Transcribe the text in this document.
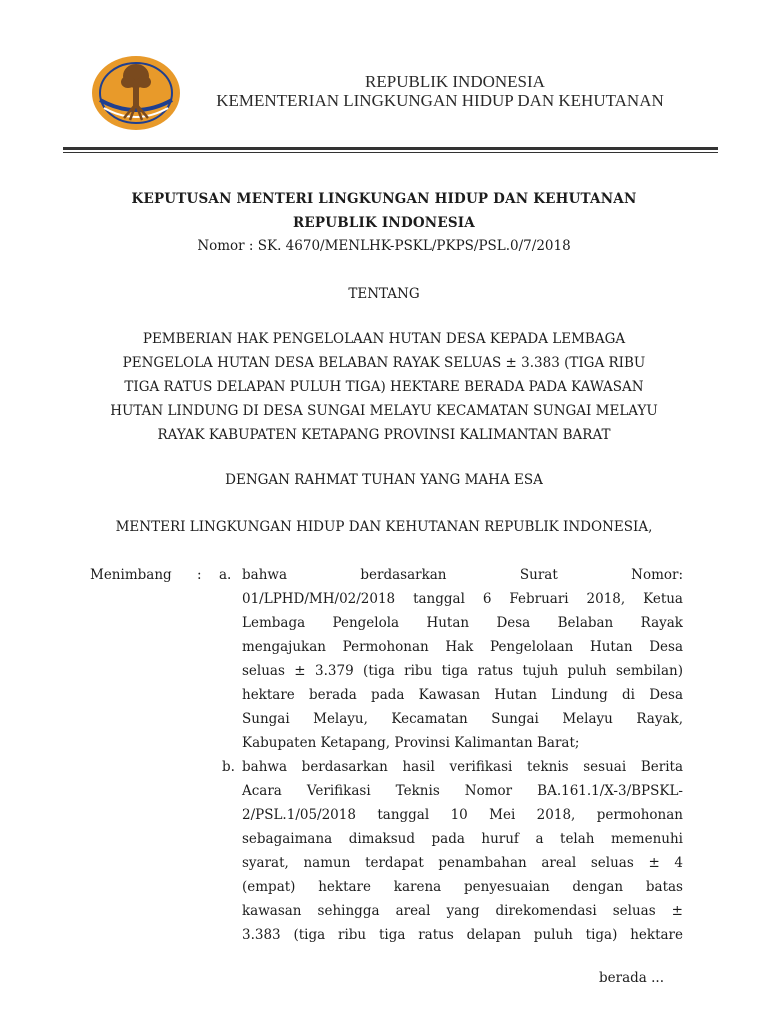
REPUBLIK INDONESIA
KEMENTERIAN LINGKUNGAN HIDUP DAN KEHUTANAN
KEPUTUSAN MENTERI LINGKUNGAN HIDUP DAN KEHUTANAN
REPUBLIK INDONESIA
Nomor : SK. 4670/MENLHK-PSKL/PKPS/PSL.0/7/2018
TENTANG
PEMBERIAN HAK PENGELOLAAN HUTAN DESA KEPADA LEMBAGA
PENGELOLA HUTAN DESA BELABAN RAYAK SELUAS ± 3.383 (TIGA RIBU
TIGA RATUS DELAPAN PULUH TIGA) HEKTARE BERADA PADA KAWASAN
HUTAN LINDUNG DI DESA SUNGAI MELAYU KECAMATAN SUNGAI MELAYU
RAYAK KABUPATEN KETAPANG PROVINSI KALIMANTAN BARAT
DENGAN RAHMAT TUHAN YANG MAHA ESA
MENTERI LINGKUNGAN HIDUP DAN KEHUTANAN REPUBLIK INDONESIA,
Menimbang : a. bahwa berdasarkan Surat Nomor:
01/LPHD/MH/02/2018 tanggal 6 Februari 2018, Ketua
Lembaga Pengelola Hutan Desa Belaban Rayak
mengajukan Permohonan Hak Pengelolaan Hutan Desa
seluas ± 3.379 (tiga ribu tiga ratus tujuh puluh sembilan)
hektare berada pada Kawasan Hutan Lindung di Desa
Sungai Melayu, Kecamatan Sungai Melayu Rayak,
Kabupaten Ketapang, Provinsi Kalimantan Barat;
b. bahwa berdasarkan hasil verifikasi teknis sesuai Berita
Acara Verifikasi Teknis Nomor BA.161.1/X-3/BPSKL-
2/PSL.1/05/2018 tanggal 10 Mei 2018, permohonan
sebagaimana dimaksud pada huruf a telah memenuhi
syarat, namun terdapat penambahan areal seluas ± 4
(empat) hektare karena penyesuaian dengan batas
kawasan sehingga areal yang direkomendasi seluas ±
3.383 (tiga ribu tiga ratus delapan puluh tiga) hektare
berada ...
